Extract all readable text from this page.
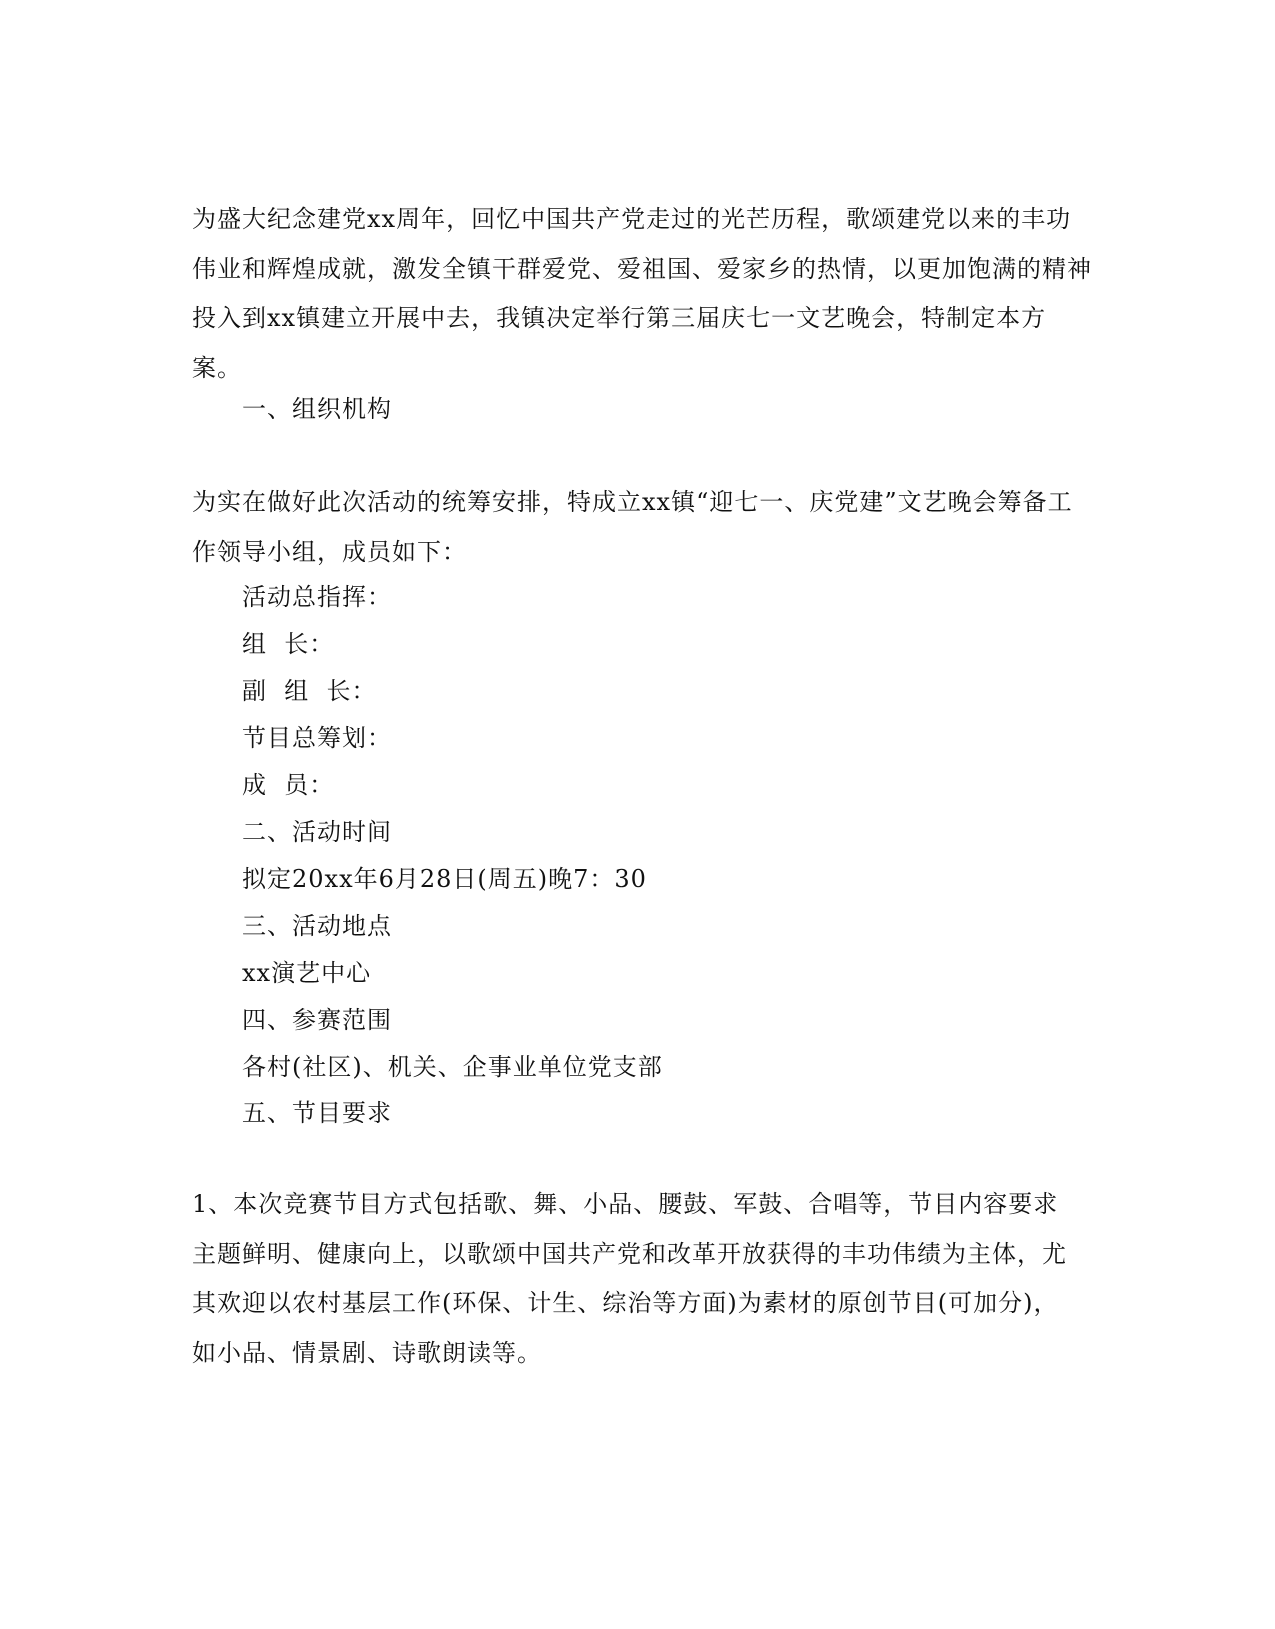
为盛大纪念建党xx周年，回忆中国共产党走过的光芒历程，歌颂建党以来的丰功伟业和辉煌成就，激发全镇干群爱党、爱祖国、爱家乡的热情，以更加饱满的精神投入到xx镇建立开展中去，我镇决定举行第三届庆七一文艺晚会，特制定本方案。

一、组织机构

为实在做好此次活动的统筹安排，特成立xx镇“迎七一、庆党建”文艺晚会筹备工作领导小组，成员如下：

活动总指挥：

组  长：

副  组  长：

节目总筹划：

成  员：

二、活动时间

拟定20xx年6月28日(周五)晚7：30

三、活动地点

xx演艺中心

四、参赛范围

各村(社区)、机关、企事业单位党支部

五、节目要求

1、本次竞赛节目方式包括歌、舞、小品、腰鼓、军鼓、合唱等，节目内容要求主题鲜明、健康向上，以歌颂中国共产党和改革开放获得的丰功伟绩为主体，尤其欢迎以农村基层工作(环保、计生、综治等方面)为素材的原创节目(可加分)，如小品、情景剧、诗歌朗读等。
